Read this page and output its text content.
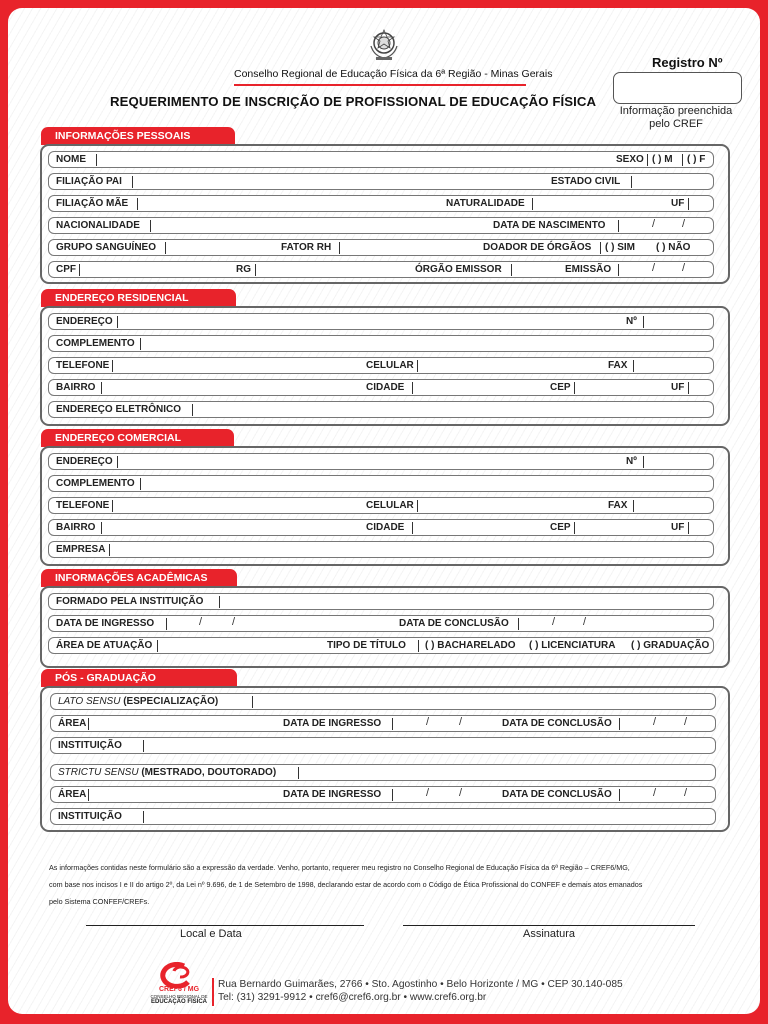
Conselho Regional de Educação Física da 6ª Região - Minas Gerais
REQUERIMENTO DE INSCRIÇÃO DE PROFISSIONAL DE EDUCAÇÃO FÍSICA
Registro Nº
Informação preenchida
pelo CREF
INFORMAÇÕES PESSOAIS
NOME	SEXO ( ) M ( ) F
FILIAÇÃO PAI	ESTADO CIVIL
FILIAÇÃO MÃE	NATURALIDADE	UF
NACIONALIDADE	DATA DE NASCIMENTO	/ /
GRUPO SANGUÍNEO	FATOR RH	DOADOR DE ÓRGÃOS ( ) SIM ( ) NÃO
CPF	RG	ÓRGÃO EMISSOR	EMISSÃO	/ /
ENDEREÇO RESIDENCIAL
ENDEREÇO	Nº
COMPLEMENTO
TELEFONE	CELULAR	FAX
BAIRRO	CIDADE	CEP	UF
ENDEREÇO ELETRÔNICO
ENDEREÇO COMERCIAL
ENDEREÇO	Nº
COMPLEMENTO
TELEFONE	CELULAR	FAX
BAIRRO	CIDADE	CEP	UF
EMPRESA
INFORMAÇÕES ACADÊMICAS
FORMADO PELA INSTITUIÇÃO
DATA DE INGRESSO	/	/	DATA DE CONCLUSÃO	/	/
ÁREA DE ATUAÇÃO	TIPO DE TÍTULO ( ) BACHARELADO ( ) LICENCIATURA ( ) GRADUAÇÃO
PÓS - GRADUAÇÃO
LATO SENSU (ESPECIALIZAÇÃO)
ÁREA	DATA DE INGRESSO	/	/	DATA DE CONCLUSÃO	/	/
INSTITUIÇÃO
STRICTU SENSU (MESTRADO, DOUTORADO)
ÁREA	DATA DE INGRESSO	/	/	DATA DE CONCLUSÃO	/	/
INSTITUIÇÃO
As informações contidas neste formulário são a expressão da verdade. Venho, portanto, requerer meu registro no Conselho Regional de Educação Física da 6ª Região – CREF6/MG,
com base nos incisos I e II do artigo 2º, da Lei nº 9.696, de 1 de Setembro de 1998, declarando estar de acordo com o Código de Ética Profissional do CONFEF e demais atos emanados
pelo Sistema CONFEF/CREFs.
Local e Data	Assinatura
CREF6 / MG
CONSELHO REGIONAL DE
EDUCAÇÃO FÍSICA
Rua Bernardo Guimarães, 2766 • Sto. Agostinho • Belo Horizonte / MG • CEP 30.140-085
Tel: (31) 3291-9912 • cref6@cref6.org.br • www.cref6.org.br
